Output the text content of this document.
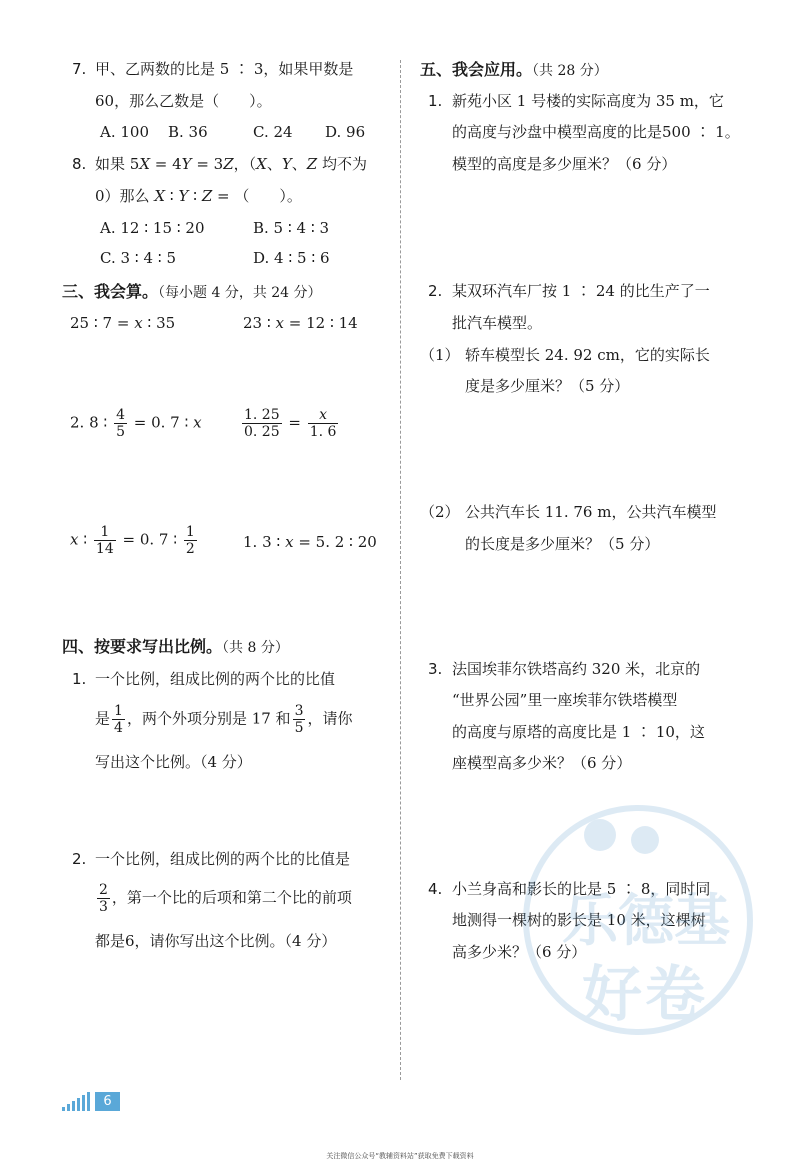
7. 甲、乙两数的比是 5 ∶ 3，如果甲数是
60，那么乙数是（　　）。
A. 100 B. 36	C. 24 D. 96
8. 如果 5X = 4Y = 3Z，（X、Y、Z 均不为
0）那么 X ∶ Y ∶ Z = （　　）。
A. 12 ∶ 15 ∶ 20	B. 5 ∶ 4 ∶ 3
C. 3 ∶ 4 ∶ 5	D. 4 ∶ 5 ∶ 6
三、我会算。（每小题 4 分，共 24 分）
25 ∶ 7 = x ∶ 35	23 ∶ x = 12 ∶ 14
2. 8 ∶ $\frac{4}{5} = 0$. 7 ∶ x	$\frac{1. 25}{0. 25} = \frac{x}{1. 6}$
x ∶ $\frac{1}{14} = 0$. 7 ∶ $\frac{1}{2}$	1. 3 ∶ x = 5. 2 ∶ 20
四、按要求写出比例。（共 8 分）
1. 一个比例，组成比例的两个比的比值
是 $\frac{1}{4}$ ，两个外项分别是 17 和 $\frac{3}{5}$ ，请你
写出这个比例。（4 分）
2. 一个比例，组成比例的两个比的比值是
$\frac{2}{3}$ ，第一个比的后项和第二个比的前项
都是6，请你写出这个比例。（4 分）
五、我会应用。（共 28 分）
1. 新苑小区 1 号楼的实际高度为 35 m，它
的高度与沙盘中模型高度的比是500 ∶ 1。
模型的高度是多少厘米？（6 分）
2. 某双环汽车厂按 1 ∶ 24 的比生产了一
批汽车模型。
（1） 轿车模型长 24. 92 cm，它的实际长
度是多少厘米？（5 分）
（2） 公共汽车长 11. 76 m，公共汽车模型
的长度是多少厘米？（5 分）
3. 法国埃菲尔铁塔高约 320 米，北京的
“世界公园”里一座埃菲尔铁塔模型
的高度与原塔的高度比是 1 ∶ 10，这
座模型高多少米？（6 分）
4. 小兰身高和影长的比是 5 ∶ 8，同时同
地测得一棵树的影长是 10 米，这棵树
高多少米？（6 分）
乐 德 基
好 卷
6
关注微信公众号“教辅资料站”获取免费下载资料
